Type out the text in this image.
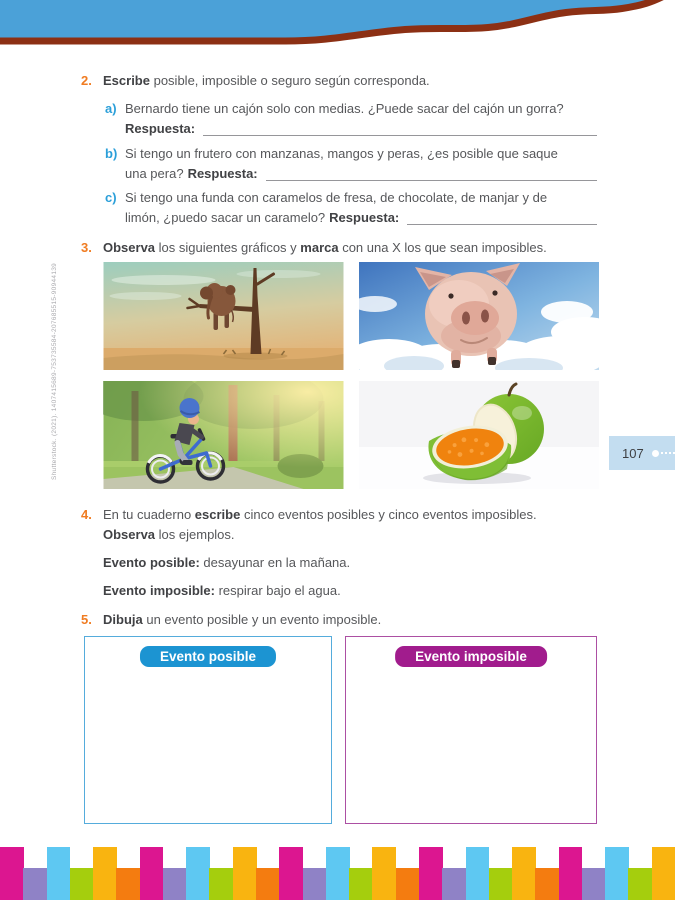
Shutterstock. (2021). 1407415689-753735584-207685515-90944139
2. Escribe posible, imposible o seguro según corresponda.
a) Bernardo tiene un cajón solo con medias. ¿Puede sacar del cajón un gorra?
Respuesta:
b) Si tengo un frutero con manzanas, mangos y peras, ¿es posible que saque
una pera? Respuesta:
c) Si tengo una funda con caramelos de fresa, de chocolate, de manjar y de
limón, ¿puedo sacar un caramelo? Respuesta:
3. Observa los siguientes gráficos y marca con una X los que sean imposibles.
107
4. En tu cuaderno escribe cinco eventos posibles y cinco eventos imposibles.
Observa los ejemplos.
Evento posible: desayunar en la mañana.
Evento imposible: respirar bajo el agua.
5. Dibuja un evento posible y un evento imposible.
Evento posible	Evento imposible
